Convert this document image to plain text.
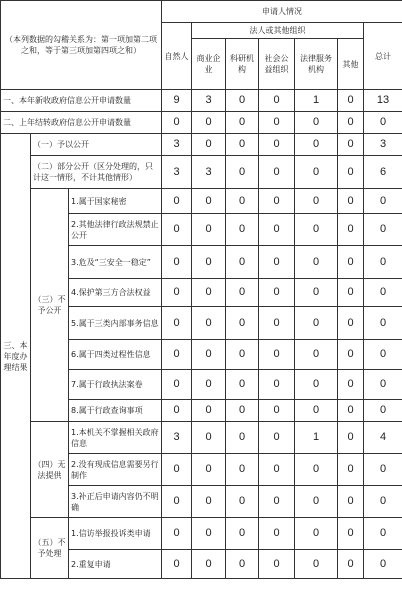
（本列数据的勾稽关系为：第一项加第二项之和，等于第三项加第四项之和）			申请人情况						
			自然人	法人或其他组织					总计
				商业企业	科研机构	社会公益组织	法律服务机构	其他	
一、本年新收政府信息公开申请数量			9	3	0	0	1	0	13
二、上年结转政府信息公开申请数量			0	0	0	0	0	0	0
三、本年度办理结果	（一）予以公开		3	0	0	0	0	0	3
	（二）部分公开（区分处理的，只计这一情形，不计其他情形）		3	3	0	0	0	0	6
	（三）不予公开	1.属于国家秘密	0	0	0	0	0	0	0
		2.其他法律行政法规禁止公开	0	0	0	0	0	0	0
		3.危及“三安全一稳定”	0	0	0	0	0	0	0
		4.保护第三方合法权益	0	0	0	0	0	0	0
		5.属于三类内部事务信息	0	0	0	0	0	0	0
		6.属于四类过程性信息	0	0	0	0	0	0	0
		7.属于行政执法案卷	0	0	0	0	0	0	0
		8.属于行政查询事项	0	0	0	0	0	0	0
	（四）无法提供	1.本机关不掌握相关政府信息	3	0	0	0	1	0	4
		2.没有现成信息需要另行制作	0	0	0	0	0	0	0
		3.补正后申请内容仍不明确	0	0	0	0	0	0	0
	（五）不予处理	1.信访举报投诉类申请	0	0	0	0	0	0	0
		2.重复申请	0	0	0	0	0	0	0
